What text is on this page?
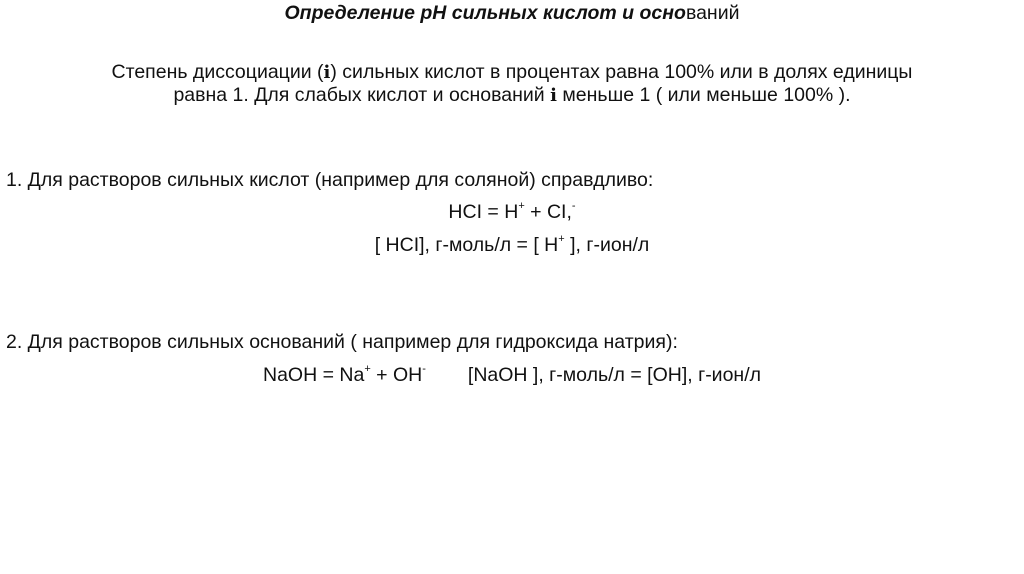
Определение pH сильных кислот и оснований
Степень диссоциации (i) сильных кислот в процентах равна 100% или в долях единицы
равна 1. Для слабых кислот и оснований i меньше 1 ( или меньше 100% ).
1. Для растворов сильных кислот (например для соляной) справдливо:
HCI = H+ + CI,-
[ HCI], г-моль/л = [ H+ ], г-ион/л
2. Для растворов сильных оснований ( например для гидроксида натрия):
NaOH = Na+ + OH- [NaOH ], г-моль/л = [OH], г-ион/л
